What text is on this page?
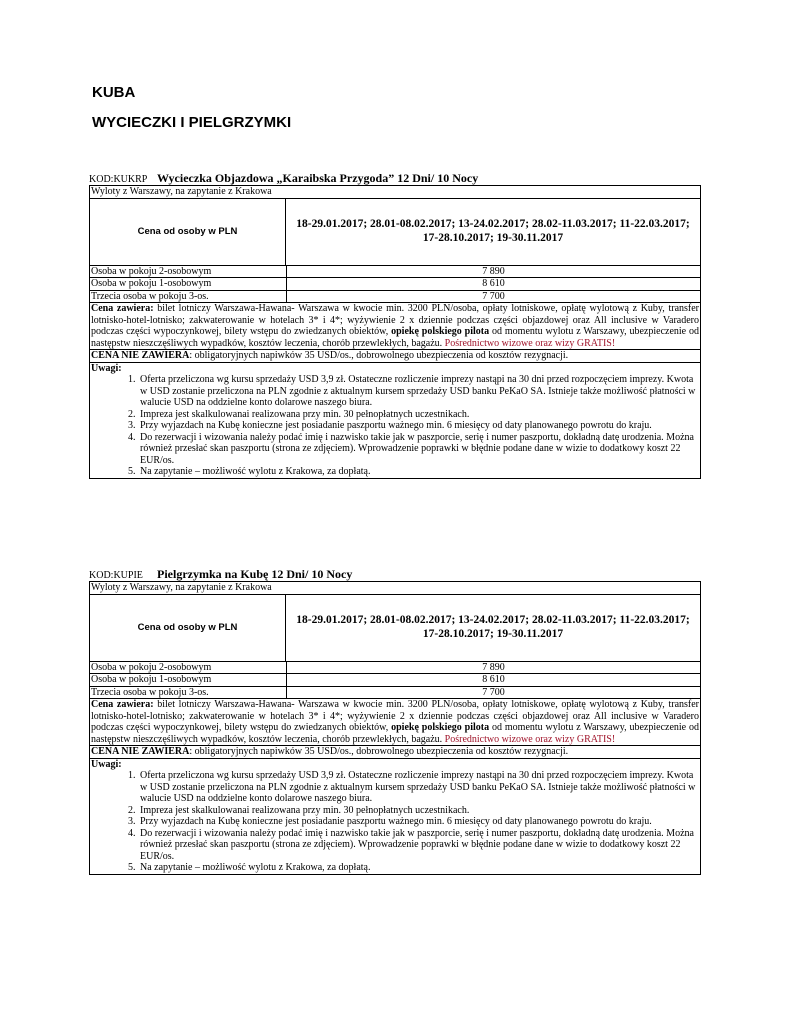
KUBA
WYCIECZKI I PIELGRZYMKI
KOD:KUKRP Wycieczka Objazdowa „Karaibska Przygoda” 12 Dni/ 10 Nocy
Wyloty z Warszawy, na zapytanie z Krakowa
Cena od osoby w PLN
18-29.01.2017; 28.01-08.02.2017; 13-24.02.2017; 28.02-11.03.2017; 11-22.03.2017; 17-28.10.2017; 19-30.11.2017
Osoba w pokoju 2-osobowym	7 890
Osoba w pokoju 1-osobowym	8 610
Trzecia osoba w pokoju 3-os.	7 700
Cena zawiera: bilet lotniczy Warszawa-Hawana- Warszawa w kwocie min. 3200 PLN/osoba, opłaty lotniskowe, opłatę wylotową z Kuby, transfer lotnisko-hotel-lotnisko; zakwaterowanie w hotelach 3* i 4*; wyżywienie 2 x dziennie podczas części objazdowej oraz All inclusive w Varadero podczas części wypoczynkowej, bilety wstępu do zwiedzanych obiektów, opiekę polskiego pilota od momentu wylotu z Warszawy, ubezpieczenie od następstw nieszczęśliwych wypadków, kosztów leczenia, chorób przewlekłych, bagażu. Pośrednictwo wizowe oraz wizy GRATIS!
CENA NIE ZAWIERA: obligatoryjnych napiwków 35 USD/os., dobrowolnego ubezpieczenia od kosztów rezygnacji.
Uwagi:
1. Oferta przeliczona wg kursu sprzedaży USD 3,9 zł. Ostateczne rozliczenie imprezy nastąpi na 30 dni przed rozpoczęciem imprezy. Kwota w USD zostanie przeliczona na PLN zgodnie z aktualnym kursem sprzedaży USD banku PeKaO SA. Istnieje także możliwość płatności w walucie USD na oddzielne konto dolarowe naszego biura.
2. Impreza jest skalkulowanai realizowana przy min. 30 pełnopłatnych uczestnikach.
3. Przy wyjazdach na Kubę konieczne jest posiadanie paszportu ważnego min. 6 miesięcy od daty planowanego powrotu do kraju.
4. Do rezerwacji i wizowania należy podać imię i nazwisko takie jak w paszporcie, serię i numer paszportu, dokładną datę urodzenia. Można również przesłać skan paszportu (strona ze zdjęciem). Wprowadzenie poprawki w błędnie podane dane w wizie to dodatkowy koszt 22 EUR/os.
5. Na zapytanie – możliwość wylotu z Krakowa, za dopłatą.
KOD:KUPIE Pielgrzymka na Kubę 12 Dni/ 10 Nocy
Wyloty z Warszawy, na zapytanie z Krakowa
Cena od osoby w PLN
18-29.01.2017; 28.01-08.02.2017; 13-24.02.2017; 28.02-11.03.2017; 11-22.03.2017; 17-28.10.2017; 19-30.11.2017
Osoba w pokoju 2-osobowym	7 890
Osoba w pokoju 1-osobowym	8 610
Trzecia osoba w pokoju 3-os.	7 700
Cena zawiera: bilet lotniczy Warszawa-Hawana- Warszawa w kwocie min. 3200 PLN/osoba, opłaty lotniskowe, opłatę wylotową z Kuby, transfer lotnisko-hotel-lotnisko; zakwaterowanie w hotelach 3* i 4*; wyżywienie 2 x dziennie podczas części objazdowej oraz All inclusive w Varadero podczas części wypoczynkowej, bilety wstępu do zwiedzanych obiektów, opiekę polskiego pilota od momentu wylotu z Warszawy, ubezpieczenie od następstw nieszczęśliwych wypadków, kosztów leczenia, chorób przewlekłych, bagażu. Pośrednictwo wizowe oraz wizy GRATIS!
CENA NIE ZAWIERA: obligatoryjnych napiwków 35 USD/os., dobrowolnego ubezpieczenia od kosztów rezygnacji.
Uwagi:
1. Oferta przeliczona wg kursu sprzedaży USD 3,9 zł. Ostateczne rozliczenie imprezy nastąpi na 30 dni przed rozpoczęciem imprezy. Kwota w USD zostanie przeliczona na PLN zgodnie z aktualnym kursem sprzedaży USD banku PeKaO SA. Istnieje także możliwość płatności w walucie USD na oddzielne konto dolarowe naszego biura.
2. Impreza jest skalkulowanai realizowana przy min. 30 pełnopłatnych uczestnikach.
3. Przy wyjazdach na Kubę konieczne jest posiadanie paszportu ważnego min. 6 miesięcy od daty planowanego powrotu do kraju.
4. Do rezerwacji i wizowania należy podać imię i nazwisko takie jak w paszporcie, serię i numer paszportu, dokładną datę urodzenia. Można również przesłać skan paszportu (strona ze zdjęciem). Wprowadzenie poprawki w błędnie podane dane w wizie to dodatkowy koszt 22 EUR/os.
5. Na zapytanie – możliwość wylotu z Krakowa, za dopłatą.
